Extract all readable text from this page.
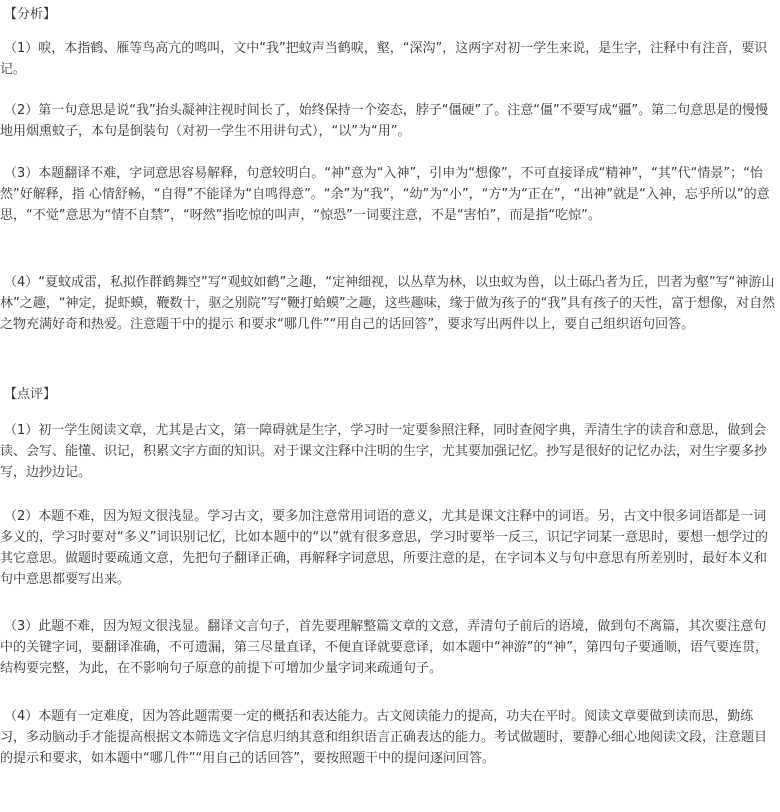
【分析】

（1）唳，本指鹤、雁等鸟高亢的鸣叫，文中“我”把蚊声当鹤唳，壑，“深沟”，这两字对初一学生来说，是生字，注释中有注音，要识记。

（2）第一句意思是说“我”抬头凝神注视时间长了，始终保持一个姿态，脖子“僵硬”了。注意“僵”不要写成“疆”。第二句意思是的慢慢地用烟熏蚊子，本句是倒装句（对初一学生不用讲句式），“以”为“用”。

（3）本题翻译不难，字词意思容易解释，句意较明白。“神”意为“入神”，引申为“想像”，不可直接译成“精神”，“其”代“情景”；“怡然”好解释，指 心情舒畅，“自得”不能译为“自鸣得意”。“余”为“我”，“幼”为“小”，“方”为“正在”，“出神”就是“入神，忘乎所以”的意思，“不觉”意思为“情不自禁”，“呀然”指吃惊的叫声，“惊恐”一词要注意，不是“害怕”，而是指“吃惊”。

（4）“夏蚊成雷，私拟作群鹤舞空”写“观蚊如鹤”之趣，“定神细视，以丛草为林，以虫蚁为兽，以土砾凸者为丘，凹者为壑”写“神游山林”之趣，“神定，捉虾蟆，鞭数十，驱之别院”写“鞭打蛤蟆”之趣，这些趣味，缘于做为孩子的“我”具有孩子的天性，富于想像，对自然之物充满好奇和热爱。注意题干中的提示 和要求“哪几件”“用自己的话回答”，要求写出两件以上，要自己组织语句回答。

【点评】

（1）初一学生阅读文章，尤其是古文，第一障碍就是生字，学习时一定要参照注释，同时查阅字典，弄清生字的读音和意思，做到会读、会写、能懂、识记，积累文字方面的知识。对于课文注释中注明的生字，尤其要加强记忆。抄写是很好的记忆办法，对生字要多抄写，边抄边记。

（2）本题不难，因为短文很浅显。学习古文，要多加注意常用词语的意义，尤其是课文注释中的词语。另，古文中很多词语都是一词多义的，学习时要对“多义”词识别记忆，比如本题中的“以”就有很多意思，学习时要举一反三，识记字词某一意思时，要想一想学过的其它意思。做题时要疏通文意，先把句子翻译正确，再解释字词意思，所要注意的是，在字词本义与句中意思有所差别时，最好本义和句中意思都要写出来。

（3）此题不难，因为短文很浅显。翻译文言句子，首先要理解整篇文章的文意，弄清句子前后的语境，做到句不离篇，其次要注意句中的关键字词，要翻译准确，不可遗漏，第三尽量直译，不便直译就要意译，如本题中“神游”的“神”，第四句子要通顺，语气要连贯，结构要完整，为此，在不影响句子原意的前提下可增加少量字词来疏通句子。

（4）本题有一定难度，因为答此题需要一定的概括和表达能力。古文阅读能力的提高，功夫在平时。阅读文章要做到读而思，勤练习，多动脑动手才能提高根据文本筛选文字信息归纳其意和组织语言正确表达的能力。考试做题时，要静心细心地阅读文段，注意题目的提示和要求，如本题中“哪几件”“用自己的话回答”，要按照题干中的提问逐问回答。
